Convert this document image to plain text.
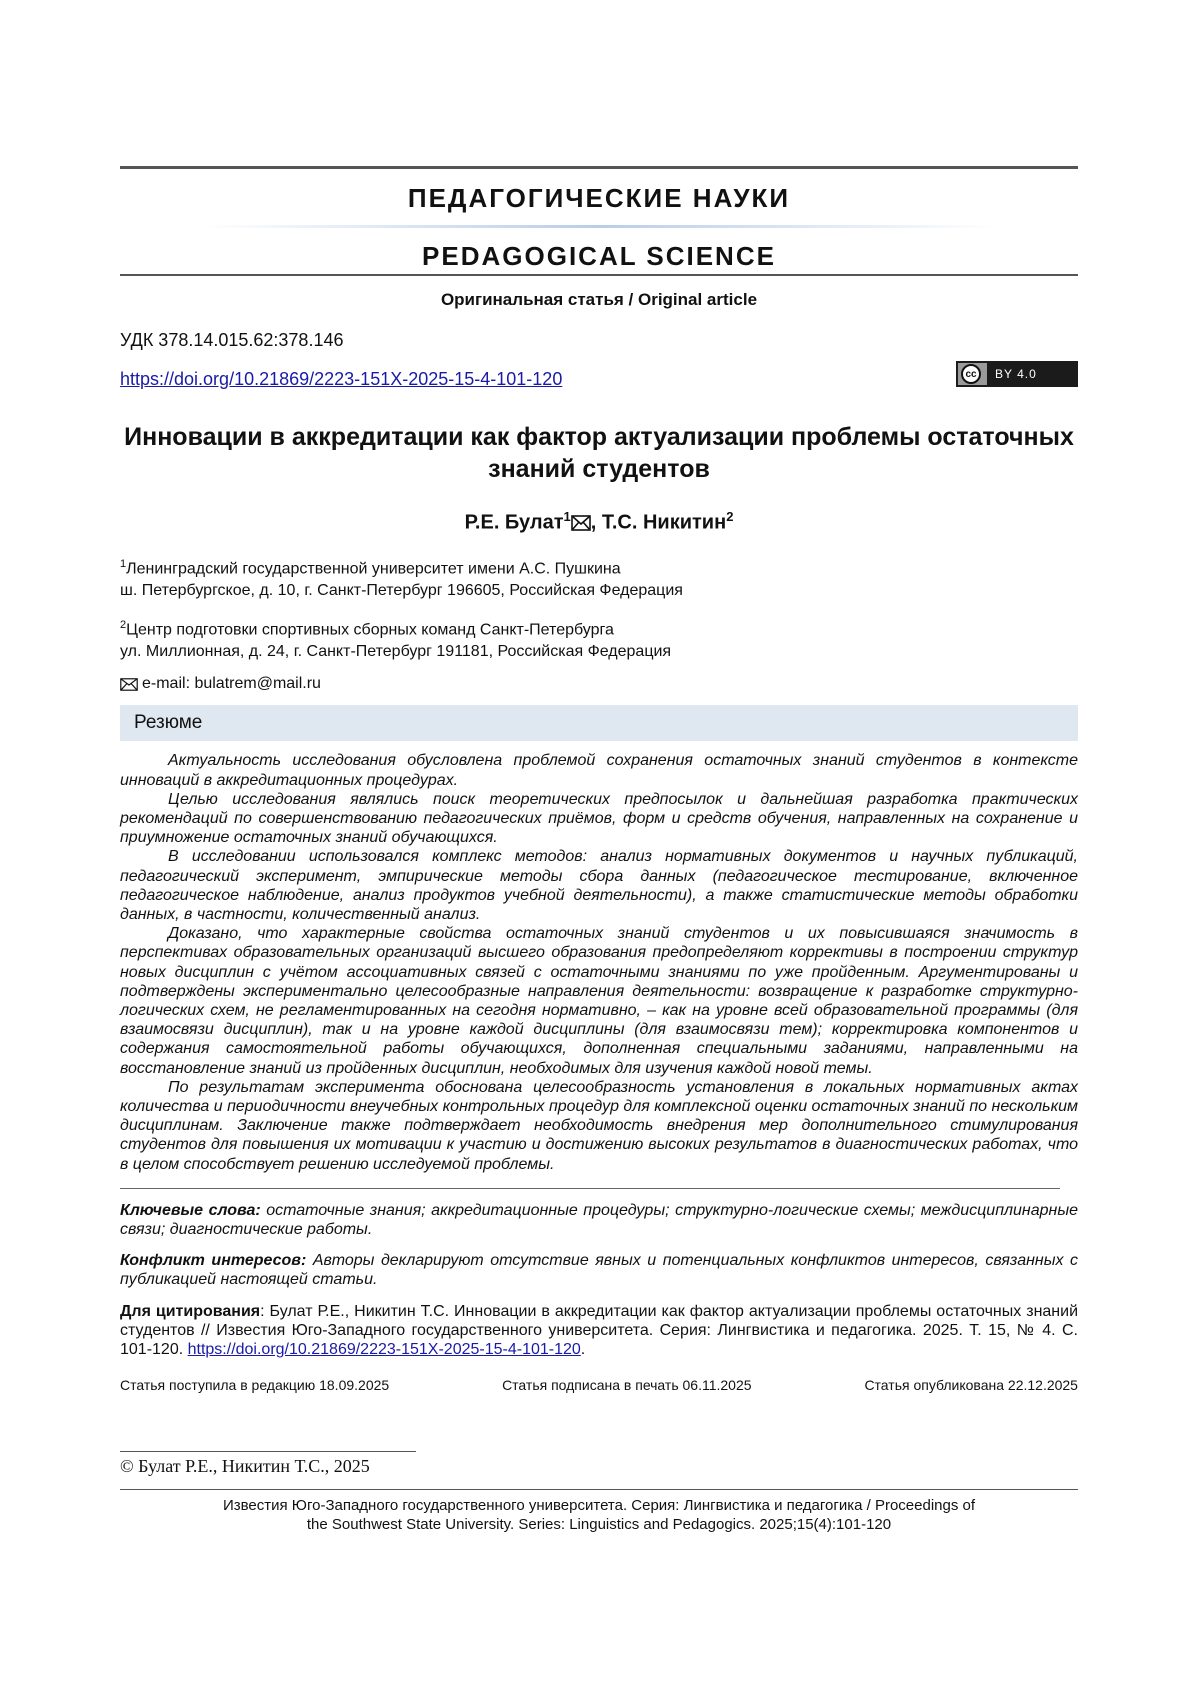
ПЕДАГОГИЧЕСКИЕ НАУКИ
PEDAGOGICAL SCIENCE
Оригинальная статья / Original article
УДК 378.14.015.62:378.146
https://doi.org/10.21869/2223-151X-2025-15-4-101-120	cc	BY 4.0
Инновации в аккредитации как фактор актуализации проблемы остаточных знаний студентов
Р.Е. Булат$^1$ , Т.С. Никитин$^2$
$^1$Ленинградский государственной университет имени А.С. Пушкина
ш. Петербургское, д. 10, г. Санкт-Петербург 196605, Российская Федерация
$^2$Центр подготовки спортивных сборных команд Санкт-Петербурга
ул. Миллионная, д. 24, г. Санкт-Петербург 191181, Российская Федерация
e-mail: bulatrem@mail.ru
Резюме

Актуальность исследования обусловлена проблемой сохранения остаточных знаний студентов в контексте инноваций в аккредитационных процедурах.

Целью исследования являлись поиск теоретических предпосылок и дальнейшая разработка практических рекомендаций по совершенствованию педагогических приёмов, форм и средств обучения, направленных на сохранение и приумножение остаточных знаний обучающихся.

В исследовании использовался комплекс методов: анализ нормативных документов и научных публикаций, педагогический эксперимент, эмпирические методы сбора данных (педагогическое тестирование, включенное педагогическое наблюдение, анализ продуктов учебной деятельности), а также статистические методы обработки данных, в частности, количественный анализ.

Доказано, что характерные свойства остаточных знаний студентов и их повысившаяся значимость в перспективах образовательных организаций высшего образования предопределяют коррективы в построении структур новых дисциплин с учётом ассоциативных связей с остаточными знаниями по уже пройденным. Аргументированы и подтверждены экспериментально целесообразные направления деятельности: возвращение к разработке структурно-логических схем, не регламентированных на сегодня нормативно, – как на уровне всей образовательной программы (для взаимосвязи дисциплин), так и на уровне каждой дисциплины (для взаимосвязи тем); корректировка компонентов и содержания самостоятельной работы обучающихся, дополненная специальными заданиями, направленными на восстановление знаний из пройденных дисциплин, необходимых для изучения каждой новой темы.

По результатам эксперимента обоснована целесообразность установления в локальных нормативных актах количества и периодичности внеучебных контрольных процедур для комплексной оценки остаточных знаний по нескольким дисциплинам. Заключение также подтверждает необходимость внедрения мер дополнительного стимулирования студентов для повышения их мотивации к участию и достижению высоких результатов в диагностических работах, что в целом способствует решению исследуемой проблемы.

Ключевые слова: остаточные знания; аккредитационные процедуры; структурно-логические схемы; междисциплинарные связи; диагностические работы.
Конфликт интересов: Авторы декларируют отсутствие явных и потенциальных конфликтов интересов, связанных с публикацией настоящей статьи.
Для цитирования: Булат Р.Е., Никитин Т.С. Инновации в аккредитации как фактор актуализации проблемы остаточных знаний студентов // Известия Юго-Западного государственного университета. Серия: Лингвистика и педагогика. 2025. Т. 15, № 4. С. 101-120. https://doi.org/10.21869/2223-151X-2025-15-4-101-120.
Статья поступила в редакцию 18.09.2025	Статья подписана в печать 06.11.2025	Статья опубликована 22.12.2025
© Булат Р.Е., Никитин Т.С., 2025
Известия Юго-Западного государственного университета. Серия: Лингвистика и педагогика / Proceedings of
the Southwest State University. Series: Linguistics and Pedagogics. 2025;15(4):101-120
